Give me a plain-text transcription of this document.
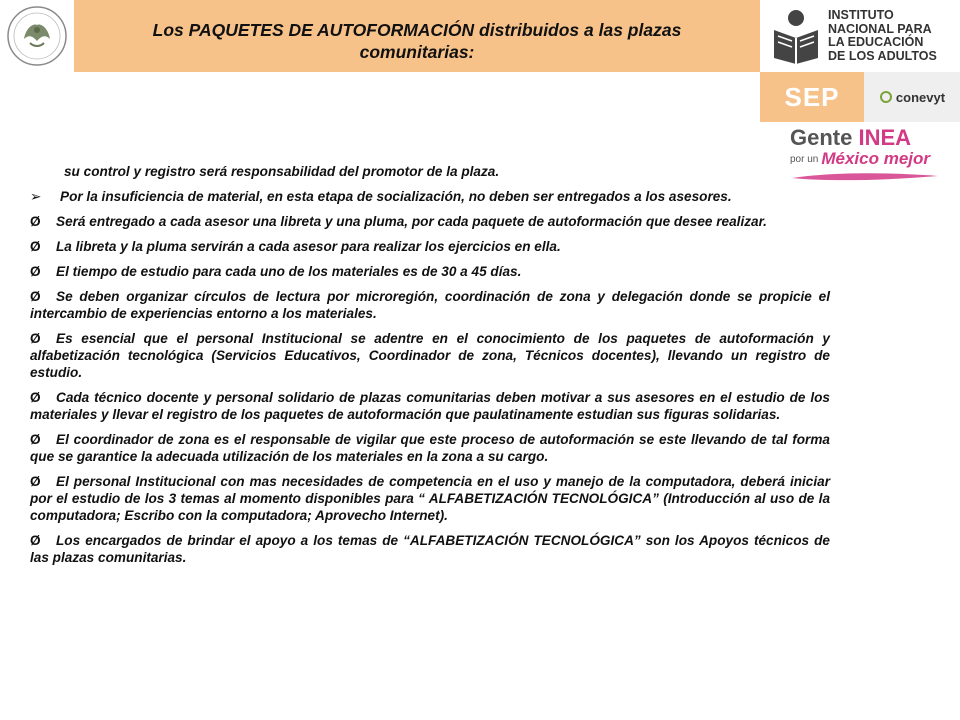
Los PAQUETES DE AUTOFORMACIÓN distribuidos a las plazas comunitarias:
INSTITUTO
NACIONAL PARA
LA EDUCACIÓN
DE LOS ADULTOS
SEP	conevyt
Gente INEA
por un México mejor
su control y registro será responsabilidad del promotor de la plaza.
➢ Por la insuficiencia de material, en esta etapa de socialización, no deben ser entregados a los asesores.
Ø Será entregado a cada asesor una libreta y una pluma, por cada paquete de autoformación que desee realizar.
Ø La libreta y la pluma servirán a cada asesor para realizar los ejercicios en ella.
Ø El tiempo de estudio para cada uno de los materiales es de 30 a 45 días.
Ø Se deben organizar círculos de lectura por microregión, coordinación de zona y delegación donde se propicie el intercambio de experiencias entorno a los materiales.
Ø Es esencial que el personal Institucional se adentre en el conocimiento de los paquetes de autoformación y alfabetización tecnológica (Servicios Educativos, Coordinador de zona, Técnicos docentes), llevando un registro de estudio.
Ø Cada técnico docente y personal solidario de plazas comunitarias deben motivar a sus asesores en el estudio de los materiales y llevar el registro de los paquetes de autoformación que paulatinamente estudian sus figuras solidarias.
Ø El coordinador de zona es el responsable de vigilar que este proceso de autoformación se este llevando de tal forma que se garantice la adecuada utilización de los materiales en la zona a su cargo.
Ø El personal Institucional con mas necesidades de competencia en el uso y manejo de la computadora, deberá iniciar por el estudio de los 3 temas al momento disponibles para “ ALFABETIZACIÓN TECNOLÓGICA” (Introducción al uso de la computadora; Escribo con la computadora; Aprovecho Internet).
Ø Los encargados de brindar el apoyo a los temas de “ALFABETIZACIÓN TECNOLÓGICA” son los Apoyos técnicos de las plazas comunitarias.
